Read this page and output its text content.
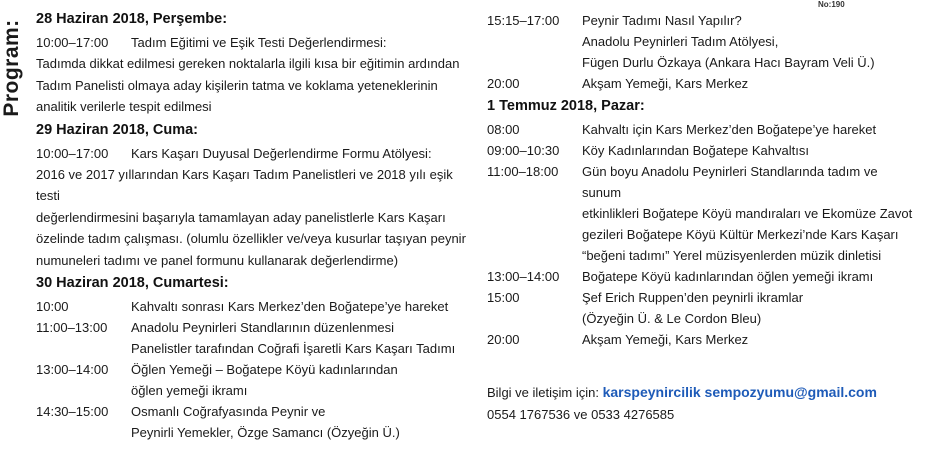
Program:
No:190
28 Haziran 2018, Perşembe:
10:00–17:00 Tadım Eğitimi ve Eşik Testi Değerlendirmesi:
Tadımda dikkat edilmesi gereken noktalarla ilgili kısa bir eğitimin ardından
Tadım Panelisti olmaya aday kişilerin tatma ve koklama yeteneklerinin
analitik verilerle tespit edilmesi
29 Haziran 2018, Cuma:
10:00–17:00 Kars Kaşarı Duyusal Değerlendirme Formu Atölyesi:
2016 ve 2017 yıllarından Kars Kaşarı Tadım Panelistleri ve 2018 yılı eşik testi
değerlendirmesini başarıyla tamamlayan aday panelistlerle Kars Kaşarı
özelinde tadım çalışması. (olumlu özellikler ve/veya kusurlar taşıyan peynir
numuneleri tadımı ve panel formunu kullanarak değerlendirme)
30 Haziran 2018, Cumartesi:
10:00	Kahvaltı sonrası Kars Merkez’den Boğatepe’ye hareket
11:00–13:00	Anadolu Peynirleri Standlarının düzenlenmesi
Panelistler tarafından Coğrafi İşaretli Kars Kaşarı Tadımı
13:00–14:00	Öğlen Yemeği – Boğatepe Köyü kadınlarından
öğlen yemeği ikramı
14:30–15:00	Osmanlı Coğrafyasında Peynir ve
Peynirli Yemekler, Özge Samancı (Özyeğin Ü.)
15:15–17:00	Peynir Tadımı Nasıl Yapılır?
Anadolu Peynirleri Tadım Atölyesi,
Fügen Durlu Özkaya (Ankara Hacı Bayram Veli Ü.)
20:00	Akşam Yemeği, Kars Merkez
1 Temmuz 2018, Pazar:
08:00	Kahvaltı için Kars Merkez’den Boğatepe’ye hareket
09:00–10:30	Köy Kadınlarından Boğatepe Kahvaltısı
11:00–18:00	Gün boyu Anadolu Peynirleri Standlarında tadım ve sunum
etkinlikleri Boğatepe Köyü mandıraları ve Ekomüze Zavot
gezileri Boğatepe Köyü Kültür Merkezi’nde Kars Kaşarı
“beğeni tadımı” Yerel müzisyenlerden müzik dinletisi
13:00–14:00	Boğatepe Köyü kadınlarından öğlen yemeği ikramı
15:00	Şef Erich Ruppen’den peynirli ikramlar
(Özyeğin Ü. & Le Cordon Bleu)
20:00	Akşam Yemeği, Kars Merkez
Bilgi ve iletişim için: karspeynircilik sempozyumu@gmail.com
0554 1767536 ve 0533 4276585
